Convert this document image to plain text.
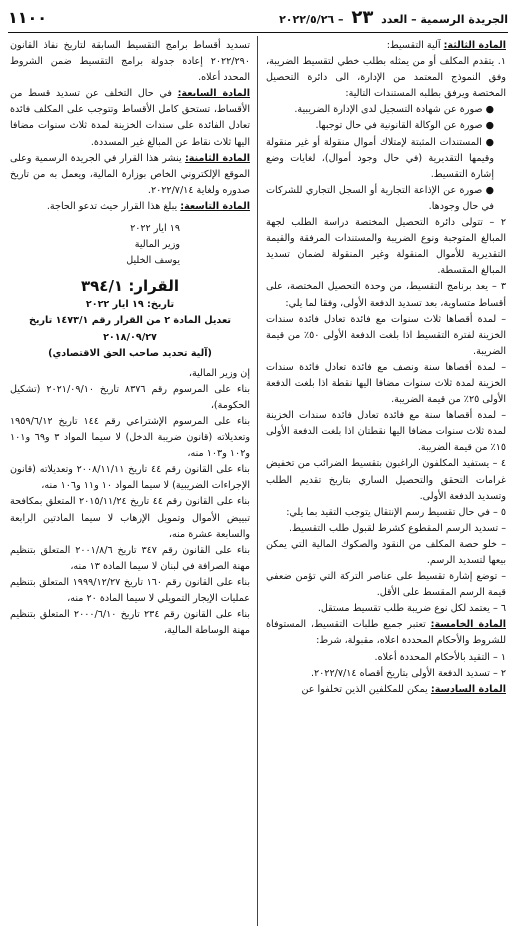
الجريدة الرسمية – العدد ٢٣ – ٢٠٢٢/٥/٢٦
١١٠٠

المادة الثالثة: آلية التقسيط:

١. يتقدم المكلف أو من يمثله بطلب خطي لتقسيط الضريبة، وفق النموذج المعتمد من الإدارة، الى دائرة التحصيل المختصة ويرفق بطلبه المستندات التالية:

● صورة عن شهادة التسجيل لدى الإدارة الضريبية.

● صورة عن الوكالة القانونية في حال توجبها.

● المستندات المثبتة لإمتلاك أموال منقولة أو غير منقولة وقيمها التقديرية (في حال وجود أموال)، لغايات وضع إشارة التقسيط.

● صورة عن الإذاعة التجارية أو السجل التجاري للشركات في حال وجودها.

٢ – تتولى دائرة التحصيل المختصة دراسة الطلب لجهة المبالغ المتوجبة ونوع الضريبة والمستندات المرفقة والقيمة التقديرية للأموال المنقولة وغير المنقولة لضمان تسديد المبالغ المقسطة.

٣ – يعد برنامج التقسيط، من وحدة التحصيل المختصة، على أقساط متساوية، بعد تسديد الدفعة الأولى، وفقا لما يلي:

– لمدة أقصاها ثلاث سنوات مع فائدة تعادل فائدة سندات الخزينة لفترة التقسيط اذا بلغت الدفعة الأولى ٥٠٪ من قيمة الضريبة.

– لمدة أقصاها سنة ونصف مع فائدة تعادل فائدة سندات الخزينة لمدة ثلاث سنوات مضافا اليها نقطة اذا بلغت الدفعة الأولى ٢٥٪ من قيمة الضريبة.

– لمدة أقصاها سنة مع فائدة تعادل فائدة سندات الخزينة لمدة ثلاث سنوات مضافا اليها نقطتان اذا بلغت الدفعة الأولى ١٥٪ من قيمة الضريبة.

٤ – يستفيد المكلفون الراغبون بتقسيط الضرائب من تخفيض غرامات التحقق والتحصيل الساري بتاريخ تقديم الطلب وتسديد الدفعة الأولى.

٥ – في حال تقسيط رسم الإنتقال يتوجب التقيد بما يلي:

– تسديد الرسم المقطوع كشرط لقبول طلب التقسيط.

– خلو حصة المكلف من النقود والصكوك المالية التي يمكن بيعها لتسديد الرسم.

– توضع إشارة تقسيط على عناصر التركة التي تؤمن ضعفي قيمة الرسم المقسط على الأقل.

٦ – يعتمد لكل نوع ضريبة طلب تقسيط مستقل.

المادة الخامسة: تعتبر جميع طلبات التقسيط، المستوفاة للشروط والأحكام المحددة اعلاه، مقبولة، شرط:

١ – التقيد بالأحكام المحددة أعلاه.

٢ – تسديد الدفعة الأولى بتاريخ أقصاه ٢٠٢٢/٧/١٤.

المادة السادسة: يمكن للمكلفين الذين تخلفوا عن

تسديد أقساط برامج التقسيط السابقة لتاريخ نفاذ القانون ٢٠٢٢/٢٩٠ إعادة جدولة برامج التقسيط ضمن الشروط المحدد أعلاه.

المادة السابعة: في حال التخلف عن تسديد قسط من الأقساط، تستحق كامل الأقساط وتتوجب على المكلف فائدة تعادل الفائدة على سندات الخزينة لمدة ثلاث سنوات مضافا اليها ثلاث نقاط عن المبالغ غير المسددة.

المادة الثامنة: ينشر هذا القرار في الجريدة الرسمية وعلى الموقع الإلكتروني الخاص بوزارة المالية، ويعمل به من تاريخ صدوره ولغاية ٢٠٢٢/٧/١٤.

المادة التاسعة: يبلغ هذا القرار حيث تدعو الحاجة.

١٩ ايار ٢٠٢٢

وزير المالية

يوسف الخليل

القرار: ٣٩٤/١

تاريخ: ١٩ ايار ٢٠٢٢

تعديل المادة ٢ من القرار رقم ١٤٧٣/١ تاريخ ٢٠١٨/٠٩/٢٧

(آلية تحديد صاحب الحق الاقتصادي)

إن وزير المالية،

بناء على المرسوم رقم ٨٣٧٦ تاريخ ٢٠٢١/٠٩/١٠ (تشكيل الحكومة)،

بناء على المرسوم الإشتراعي رقم ١٤٤ تاريخ ١٩٥٩/٦/١٢ وتعديلاته (قانون ضريبة الدخل) لا سيما المواد ٣ و٦٩ و١٠١ و١٠٢ و١٠٣ منه،

بناء على القانون رقم ٤٤ تاريخ ٢٠٠٨/١١/١١ وتعديلاته (قانون الإجراءات الضريبية) لا سيما المواد ١٠ و١١ و١٠٦ منه،

بناء على القانون رقم ٤٤ تاريخ ٢٠١٥/١١/٢٤ المتعلق بمكافحة تبييض الأموال وتمويل الإرهاب لا سيما المادتين الرابعة والسابعة عشرة منه،

بناء على القانون رقم ٣٤٧ تاريخ ٢٠٠١/٨/٦ المتعلق بتنظيم مهنة الصرافة في لبنان لا سيما المادة ١٣ منه،

بناء على القانون رقم ١٦٠ تاريخ ١٩٩٩/١٢/٢٧ المتعلق بتنظيم عمليات الإيجار التمويلي لا سيما المادة ٢٠ منه،

بناء على القانون رقم ٢٣٤ تاريخ ٢٠٠٠/٦/١٠ المتعلق بتنظيم مهنة الوساطة المالية،
